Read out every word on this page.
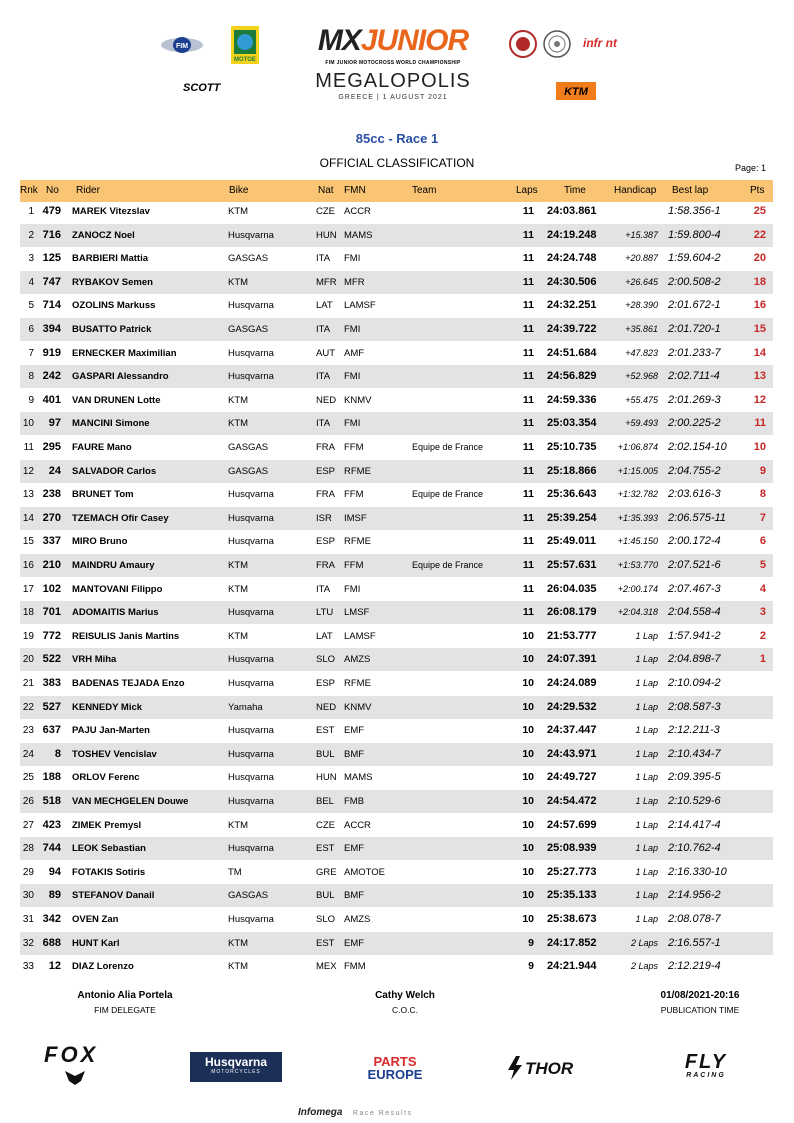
FIM
MOTOE
SCOTT
MXJUNIOR
FIM JUNIOR MOTOCROSS WORLD CHAMPIONSHIP
MEGALOPOLIS
GREECE | 1 AUGUST 2021
infr nt
KTM
85cc - Race 1
OFFICIAL CLASSIFICATION	Page: 1
Rnk No Rider	Bike	Nat FMN	Team	Laps	Time	Handicap Best lap	Pts
1 479 MAREK Vitezslav	KTM	CZE ACCR	11 24:03.861	1:58.356-1	25
2 716 ZANOCZ Noel	Husqvarna	HUN MAMS	11 24:19.248	+15.387 1:59.800-4	22
3 125 BARBIERI Mattia	GASGAS	ITA FMI	11 24:24.748	+20.887 1:59.604-2	20
4 747 RYBAKOV Semen	KTM	MFR MFR	11 24:30.506	+26.645 2:00.508-2	18
5 714 OZOLINS Markuss	Husqvarna	LAT LAMSF	11 24:32.251	+28.390 2:01.672-1	16
6 394 BUSATTO Patrick	GASGAS	ITA FMI	11 24:39.722	+35.861 2:01.720-1	15
7 919 ERNECKER Maximilian	Husqvarna	AUT AMF	11 24:51.684	+47.823 2:01.233-7	14
8 242 GASPARI Alessandro	Husqvarna	ITA FMI	11 24:56.829	+52.968 2:02.711-4	13
9 401 VAN DRUNEN Lotte	KTM	NED KNMV	11 24:59.336	+55.475 2:01.269-3	12
10	97 MANCINI Simone	KTM	ITA FMI	11 25:03.354	+59.493 2:00.225-2	11
11 295 FAURE Mano	GASGAS	FRA FFM	Equipe de France	11 25:10.735	+1:06.874 2:02.154-10	10
12	24 SALVADOR Carlos	GASGAS	ESP RFME	11 25:18.866	+1:15.005 2:04.755-2	9
13 238 BRUNET Tom	Husqvarna	FRA FFM	Equipe de France	11 25:36.643	+1:32.782 2:03.616-3	8
14 270 TZEMACH Ofir Casey	Husqvarna	ISR IMSF	11 25:39.254	+1:35.393 2:06.575-11	7
15 337 MIRO Bruno	Husqvarna	ESP RFME	11 25:49.011	+1:45.150 2:00.172-4	6
16 210 MAINDRU Amaury	KTM	FRA FFM	Equipe de France	11 25:57.631	+1:53.770 2:07.521-6	5
17 102 MANTOVANI Filippo	KTM	ITA FMI	11 26:04.035	+2:00.174 2:07.467-3	4
18 701 ADOMAITIS Marius	Husqvarna	LTU LMSF	11 26:08.179	+2:04.318 2:04.558-4	3
19 772 REISULIS Janis Martins	KTM	LAT LAMSF	10 21:53.777	1 Lap 1:57.941-2	2
20 522 VRH Miha	Husqvarna	SLO AMZS	10 24:07.391	1 Lap 2:04.898-7	1
21 383 BADENAS TEJADA Enzo	Husqvarna	ESP RFME	10 24:24.089	1 Lap 2:10.094-2
22 527 KENNEDY Mick	Yamaha	NED KNMV	10 24:29.532	1 Lap 2:08.587-3
23 637 PAJU Jan-Marten	Husqvarna	EST EMF	10 24:37.447	1 Lap 2:12.211-3
24	8 TOSHEV Vencislav	Husqvarna	BUL BMF	10 24:43.971	1 Lap 2:10.434-7
25 188 ORLOV Ferenc	Husqvarna	HUN MAMS	10 24:49.727	1 Lap 2:09.395-5
26 518 VAN MECHGELEN Douwe	Husqvarna	BEL FMB	10 24:54.472	1 Lap 2:10.529-6
27 423 ZIMEK Premysl	KTM	CZE ACCR	10 24:57.699	1 Lap 2:14.417-4
28 744 LEOK Sebastian	Husqvarna	EST EMF	10 25:08.939	1 Lap 2:10.762-4
29	94 FOTAKIS Sotiris	TM	GRE AMOTOE	10 25:27.773	1 Lap 2:16.330-10
30	89 STEFANOV Danail	GASGAS	BUL BMF	10 25:35.133	1 Lap 2:14.956-2
31 342 OVEN Zan	Husqvarna	SLO AMZS	10 25:38.673	1 Lap 2:08.078-7
32 688 HUNT Karl	KTM	EST EMF	9 24:17.852	2 Laps 2:16.557-1
33	12 DIAZ Lorenzo	KTM	MEX FMM	9 24:21.944	2 Laps 2:12.219-4
Antonio Alia Portela
FIM DELEGATE
Cathy Welch
C.O.C.
01/08/2021-20:16
PUBLICATION TIME
FOX	Husqvarna
MOTORCYCLES
PARTS
EUROPE	THOR	FLY
RACING
Infomega Race Results
